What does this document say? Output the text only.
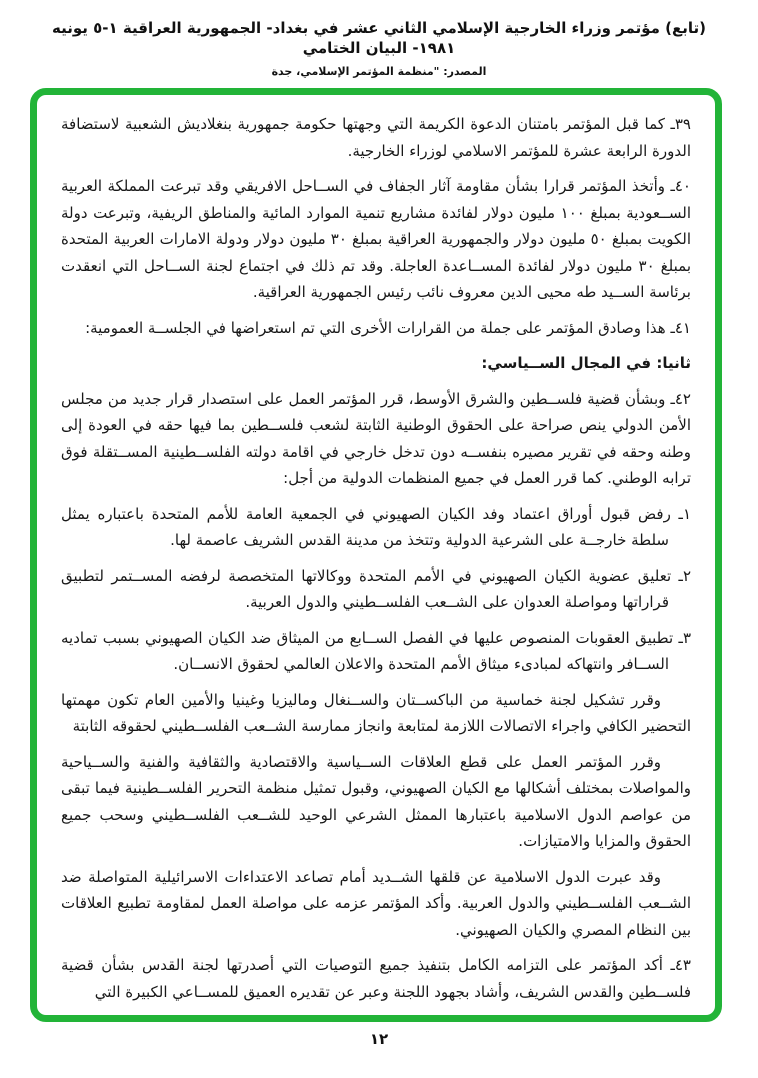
(تابع) مؤتمر وزراء الخارجية الإسلامي الثاني عشر في بغداد- الجمهورية العراقية ١-٥ يونيه ١٩٨١- البيان الختامي
المصدر: "منظمة المؤتمر الإسلامي، جدة

٣٩ـ كما قبل المؤتمر بامتنان الدعوة الكريمة التي وجهتها حكومة جمهورية بنغلاديش الشعبية لاستضافة الدورة الرابعة عشرة للمؤتمر الاسلامي لوزراء الخارجية.

٤٠ـ وأتخذ المؤتمر قرارا بشأن مقاومة آثار الجفاف في الســاحل الافريقي وقد تبرعت المملكة العربية الســعودية بمبلغ ١٠٠ مليون دولار لفائدة مشاريع تنمية الموارد المائية والمناطق الريفية، وتبرعت دولة الكويت بمبلغ ٥٠ مليون دولار والجمهورية العراقية بمبلغ ٣٠ مليون دولار ودولة الامارات العربية المتحدة بمبلغ ٣٠ مليون دولار لفائدة المســاعدة العاجلة. وقد تم ذلك في اجتماع لجنة الســاحل التي انعقدت برئاسة الســيد طه محيى الدين معروف نائب رئيس الجمهورية العراقية.

٤١ـ هذا وصادق المؤتمر على جملة من القرارات الأخرى التي تم استعراضها في الجلســة العمومية:

ثانيا: في المجال الســياسي:

٤٢ـ وبشأن قضية فلســطين والشرق الأوسط، قرر المؤتمر العمل على استصدار قرار جديد من مجلس الأمن الدولي ينص صراحة على الحقوق الوطنية الثابتة لشعب فلســطين بما فيها حقه في العودة إلى وطنه وحقه في تقرير مصيره بنفســه دون تدخل خارجي في اقامة دولته الفلســطينية المســتقلة فوق ترابه الوطني. كما قرر العمل في جميع المنظمات الدولية من أجل:

١ـ رفض قبول أوراق اعتماد وفد الكيان الصهيوني في الجمعية العامة للأمم المتحدة باعتباره يمثل سلطة خارجــة على الشرعية الدولية وتتخذ من مدينة القدس الشريف عاصمة لها.

٢ـ تعليق عضوية الكيان الصهيوني في الأمم المتحدة ووكالاتها المتخصصة لرفضه المســتمر لتطبيق قراراتها ومواصلة العدوان على الشــعب الفلســطيني والدول العربية.

٣ـ تطبيق العقوبات المنصوص عليها في الفصل الســابع من الميثاق ضد الكيان الصهيوني بسبب تماديه الســافر وانتهاكه لمبادىء ميثاق الأمم المتحدة والاعلان العالمي لحقوق الانســان.

وقرر تشكيل لجنة خماسية من الباكســتان والســنغال وماليزيا وغينيا والأمين العام تكون مهمتها التحضير الكافي واجراء الاتصالات اللازمة لمتابعة وانجاز ممارسة الشــعب الفلســطيني لحقوقه الثابتة

وقرر المؤتمر العمل على قطع العلاقات الســياسية والاقتصادية والثقافية والفنية والســياحية والمواصلات بمختلف أشكالها مع الكيان الصهيوني، وقبول تمثيل منظمة التحرير الفلســطينية فيما تبقى من عواصم الدول الاسلامية باعتبارها الممثل الشرعي الوحيد للشــعب الفلســطيني وسحب جميع الحقوق والمزايا والامتيازات.

وقد عبرت الدول الاسلامية عن قلقها الشــديد أمام تصاعد الاعتداءات الاسرائيلية المتواصلة ضد الشــعب الفلســطيني والدول العربية. وأكد المؤتمر عزمه على مواصلة العمل لمقاومة تطبيع العلاقات بين النظام المصري والكيان الصهيوني.

٤٣ـ أكد المؤتمر على التزامه الكامل بتنفيذ جميع التوصيات التي أصدرتها لجنة القدس بشأن قضية فلســطين والقدس الشريف، وأشاد بجهود اللجنة وعبر عن تقديره العميق للمســاعي الكبيرة التي

١٢
